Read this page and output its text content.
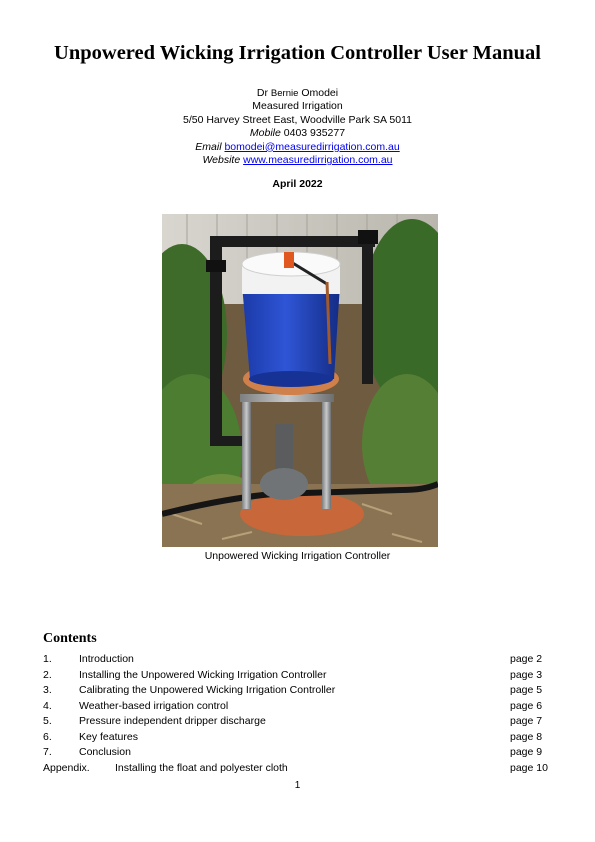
Unpowered Wicking Irrigation Controller User Manual
Dr Bernie Omodei
Measured Irrigation
5/50 Harvey Street East, Woodville Park SA 5011
Mobile 0403 935277
Email bomodei@measuredirrigation.com.au
Website www.measuredirrigation.com.au
April 2022
Unpowered Wicking Irrigation Controller
Contents
1.	Introduction	page 2
2.	Installing the Unpowered Wicking Irrigation Controller	page 3
3.	Calibrating the Unpowered Wicking Irrigation Controller	page 5
4.	Weather-based irrigation control	page 6
5.	Pressure independent dripper discharge	page 7
6.	Key features	page 8
7.	Conclusion	page 9
Appendix. Installing the float and polyester cloth	page 10
1
